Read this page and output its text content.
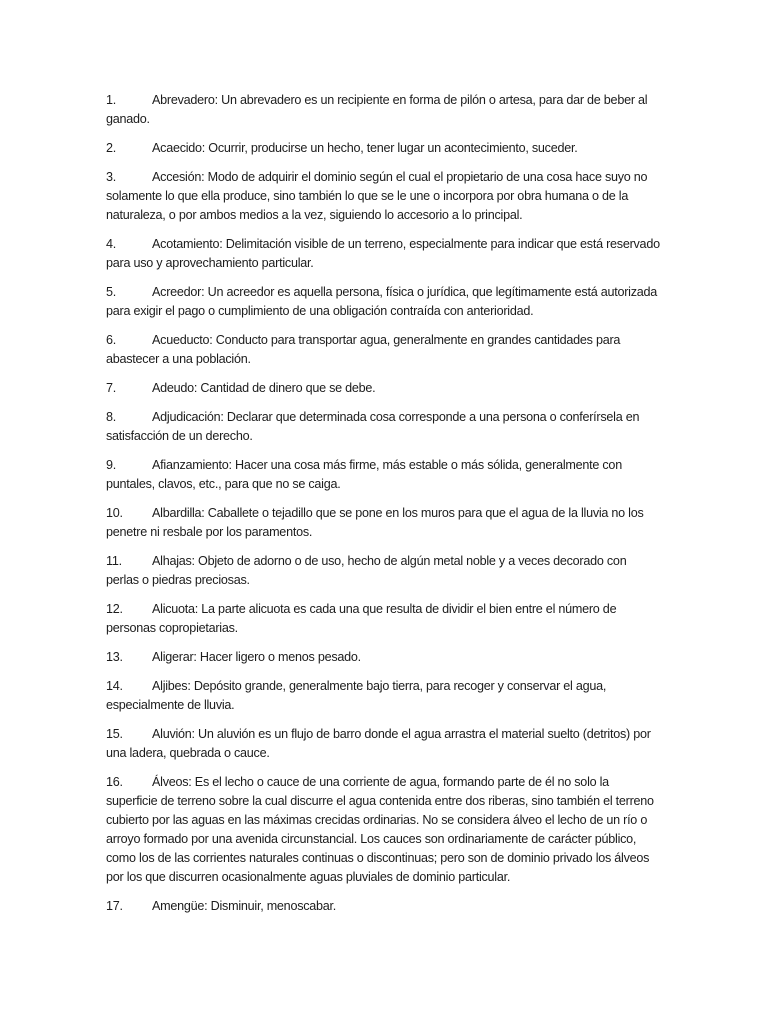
1.	Abrevadero: Un abrevadero es un recipiente en forma de pilón o artesa, para dar de beber al ganado.

2.	Acaecido: Ocurrir, producirse un hecho, tener lugar un acontecimiento, suceder.

3.	Accesión: Modo de adquirir el dominio según el cual el propietario de una cosa hace suyo no solamente lo que ella produce, sino también lo que se le une o incorpora por obra humana o de la naturaleza, o por ambos medios a la vez, siguiendo lo accesorio a lo principal.

4.	Acotamiento: Delimitación visible de un terreno, especialmente para indicar que está reservado para uso y aprovechamiento particular.

5.	Acreedor: Un acreedor es aquella persona, física o jurídica, que legítimamente está autorizada para exigir el pago o cumplimiento de una obligación contraída con anterioridad.

6.	Acueducto: Conducto para transportar agua, generalmente en grandes cantidades para abastecer a una población.

7.	Adeudo: Cantidad de dinero que se debe.

8.	Adjudicación: Declarar que determinada cosa corresponde a una persona o conferírsela en satisfacción de un derecho.

9.	Afianzamiento: Hacer una cosa más firme, más estable o más sólida, generalmente con puntales, clavos, etc., para que no se caiga.

10. Albardilla: Caballete o tejadillo que se pone en los muros para que el agua de la lluvia no los penetre ni resbale por los paramentos.

11. Alhajas: Objeto de adorno o de uso, hecho de algún metal noble y a veces decorado con perlas o piedras preciosas.

12. Alicuota: La parte alicuota es cada una que resulta de dividir el bien entre el número de personas copropietarias.

13. Aligerar: Hacer ligero o menos pesado.

14. Aljibes: Depósito grande, generalmente bajo tierra, para recoger y conservar el agua, especialmente de lluvia.

15. Aluvión: Un aluvión es un flujo de barro donde el agua arrastra el material suelto (detritos) por una ladera, quebrada o cauce.

16. Álveos: Es el lecho o cauce de una corriente de agua, formando parte de él no solo la superficie de terreno sobre la cual discurre el agua contenida entre dos riberas, sino también el terreno cubierto por las aguas en las máximas crecidas ordinarias. No se considera álveo el lecho de un río o arroyo formado por una avenida circunstancial. Los cauces son ordinariamente de carácter público, como los de las corrientes naturales continuas o discontinuas; pero son de dominio privado los álveos por los que discurren ocasionalmente aguas pluviales de dominio particular.

17. Amengüe: Disminuir, menoscabar.
